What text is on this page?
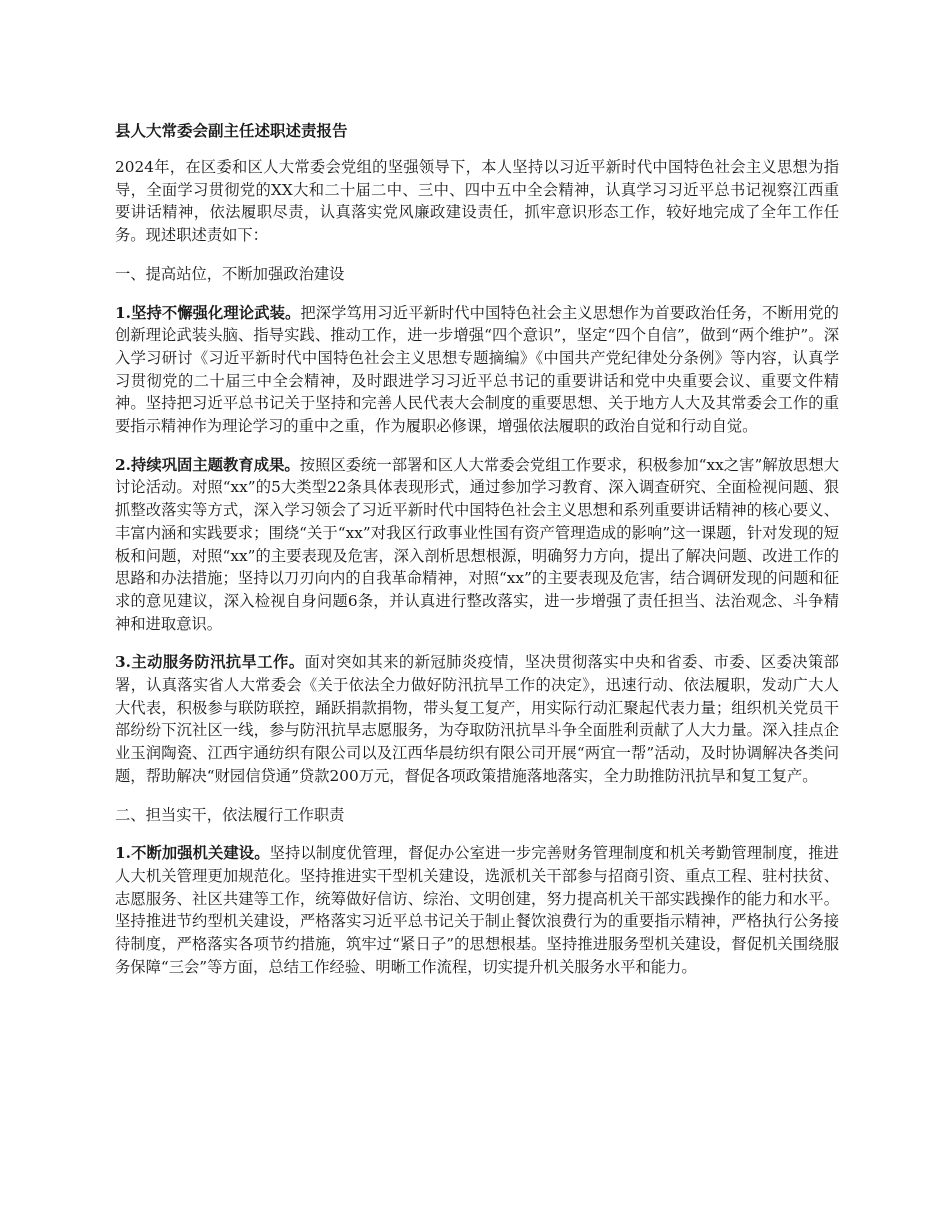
县人大常委会副主任述职述责报告

2024年，在区委和区人大常委会党组的坚强领导下，本人坚持以习近平新时代中国特色社会主义思想为指导，全面学习贯彻党的XX大和二十届二中、三中、四中五中全会精神，认真学习习近平总书记视察江西重要讲话精神，依法履职尽责，认真落实党风廉政建设责任，抓牢意识形态工作，较好地完成了全年工作任务。现述职述责如下：

一、提高站位，不断加强政治建设

1.坚持不懈强化理论武装。把深学笃用习近平新时代中国特色社会主义思想作为首要政治任务，不断用党的创新理论武装头脑、指导实践、推动工作，进一步增强“四个意识”，坚定“四个自信”，做到“两个维护”。深入学习研讨《习近平新时代中国特色社会主义思想专题摘编》《中国共产党纪律处分条例》等内容，认真学习贯彻党的二十届三中全会精神，及时跟进学习习近平总书记的重要讲话和党中央重要会议、重要文件精神。坚持把习近平总书记关于坚持和完善人民代表大会制度的重要思想、关于地方人大及其常委会工作的重要指示精神作为理论学习的重中之重，作为履职必修课，增强依法履职的政治自觉和行动自觉。

2.持续巩固主题教育成果。按照区委统一部署和区人大常委会党组工作要求，积极参加“xx之害”解放思想大讨论活动。对照“xx”的5大类型22条具体表现形式，通过参加学习教育、深入调查研究、全面检视问题、狠抓整改落实等方式，深入学习领会了习近平新时代中国特色社会主义思想和系列重要讲话精神的核心要义、丰富内涵和实践要求；围绕“关于“xx”对我区行政事业性国有资产管理造成的影响”这一课题，针对发现的短板和问题，对照“xx”的主要表现及危害，深入剖析思想根源，明确努力方向，提出了解决问题、改进工作的思路和办法措施；坚持以刀刃向内的自我革命精神，对照“xx”的主要表现及危害，结合调研发现的问题和征求的意见建议，深入检视自身问题6条，并认真进行整改落实，进一步增强了责任担当、法治观念、斗争精神和进取意识。

3.主动服务防汛抗旱工作。面对突如其来的新冠肺炎疫情，坚决贯彻落实中央和省委、市委、区委决策部署，认真落实省人大常委会《关于依法全力做好防汛抗旱工作的决定》，迅速行动、依法履职，发动广大人大代表，积极参与联防联控，踊跃捐款捐物，带头复工复产，用实际行动汇聚起代表力量；组织机关党员干部纷纷下沉社区一线，参与防汛抗旱志愿服务，为夺取防汛抗旱斗争全面胜利贡献了人大力量。深入挂点企业玉润陶瓷、江西宇通纺织有限公司以及江西华晨纺织有限公司开展“两宜一帮”活动，及时协调解决各类问题，帮助解决“财园信贷通”贷款200万元，督促各项政策措施落地落实，全力助推防汛抗旱和复工复产。

二、担当实干，依法履行工作职责

1.不断加强机关建设。坚持以制度优管理，督促办公室进一步完善财务管理制度和机关考勤管理制度，推进人大机关管理更加规范化。坚持推进实干型机关建设，选派机关干部参与招商引资、重点工程、驻村扶贫、志愿服务、社区共建等工作，统筹做好信访、综治、文明创建，努力提高机关干部实践操作的能力和水平。坚持推进节约型机关建设，严格落实习近平总书记关于制止餐饮浪费行为的重要指示精神，严格执行公务接待制度，严格落实各项节约措施，筑牢过“紧日子”的思想根基。坚持推进服务型机关建设，督促机关围绕服务保障“三会”等方面，总结工作经验、明晰工作流程，切实提升机关服务水平和能力。
